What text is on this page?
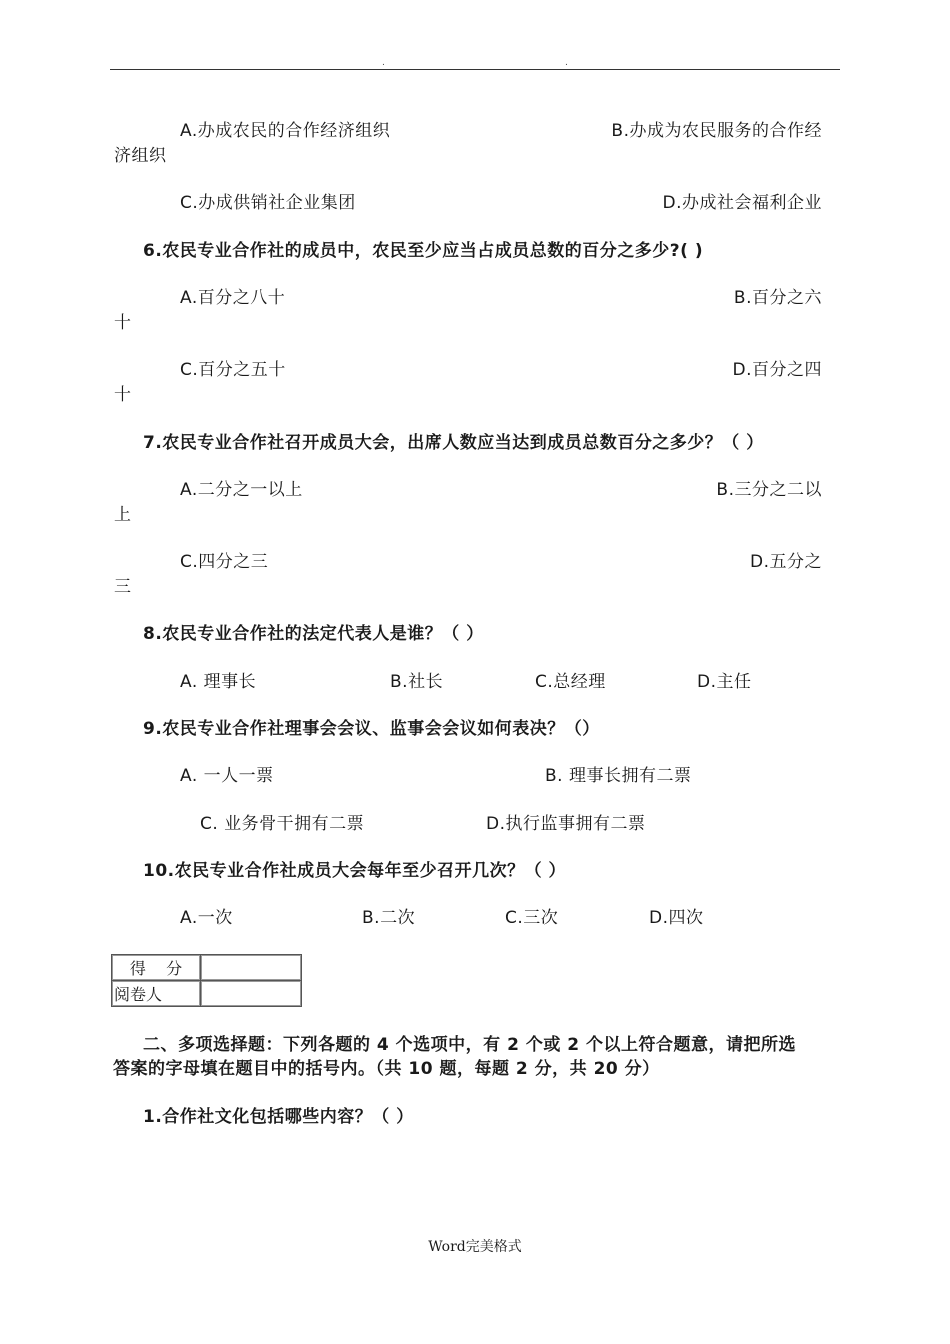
.	.
A.办成农民的合作经济组织	B.办成为农民服务的合作经
济组织
C.办成供销社企业集团	D.办成社会福利企业
6.农民专业合作社的成员中，农民至少应当占成员总数的百分之多少?( )
A.百分之八十	B.百分之六
十
C.百分之五十	D.百分之四
十
7.农民专业合作社召开成员大会，出席人数应当达到成员总数百分之多少？（ ）
A.二分之一以上	B.三分之二以
上
C.四分之三	D.五分之
三
8.农民专业合作社的法定代表人是谁？（ ）
A. 理事长	B.社长	C.总经理	D.主任
9.农民专业合作社理事会会议、监事会会议如何表决？（）
A. 一人一票	B. 理事长拥有二票
C. 业务骨干拥有二票	D.执行监事拥有二票
10.农民专业合作社成员大会每年至少召开几次？（ ）
A.一次	B.二次	C.三次	D.四次
得    分	
阅卷人	
二、多项选择题：下列各题的 4 个选项中，有 2 个或 2 个以上符合题意，请把所选
答案的字母填在题目中的括号内。（共 10 题，每题 2 分，共 20 分）
1.合作社文化包括哪些内容？（ ）
Word完美格式
